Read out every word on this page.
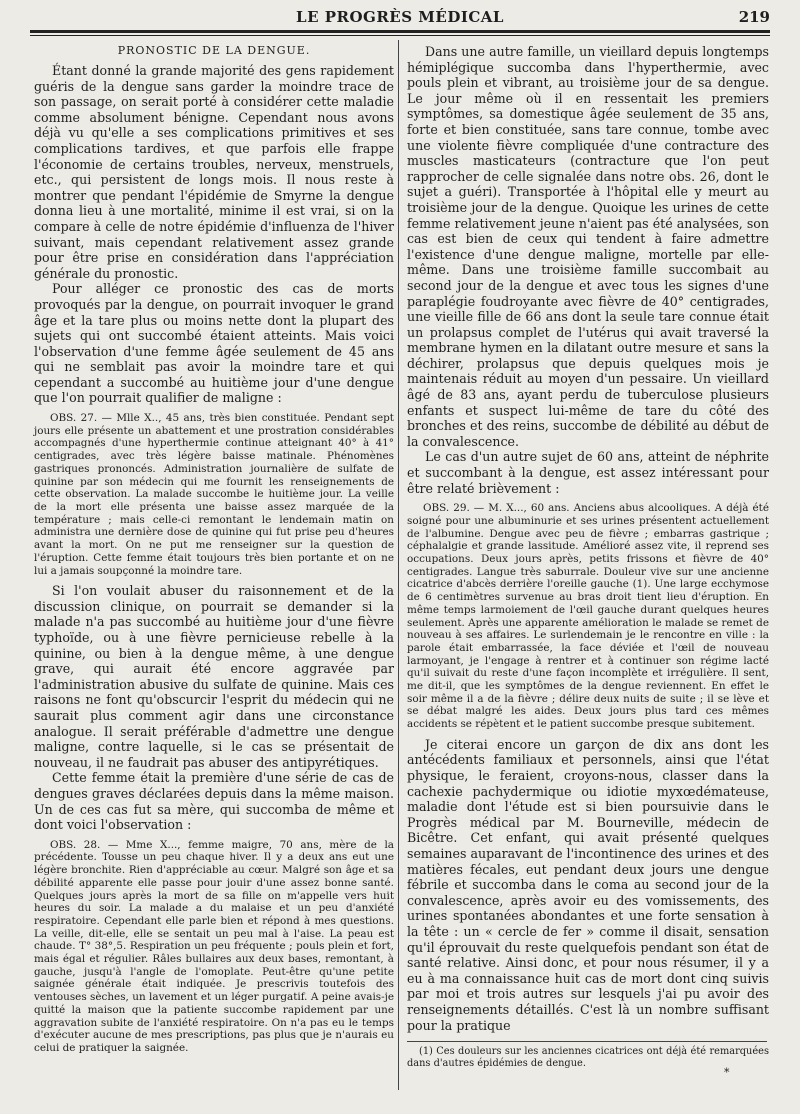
LE PROGRÈS MÉDICAL	219
PRONOSTIC DE LA DENGUE.

Étant donné la grande majorité des gens rapidement guéris de la dengue sans garder la moindre trace de son passage, on serait porté à considérer cette maladie comme absolument bénigne. Cependant nous avons déjà vu qu'elle a ses complications primitives et ses complications tardives, et que parfois elle frappe l'économie de certains troubles, nerveux, menstruels, etc., qui persistent de longs mois. Il nous reste à montrer que pendant l'épidémie de Smyrne la dengue donna lieu à une mortalité, minime il est vrai, si on la compare à celle de notre épidémie d'influenza de l'hiver suivant, mais cependant relativement assez grande pour être prise en considération dans l'appréciation générale du pronostic.

Pour alléger ce pronostic des cas de morts provoqués par la dengue, on pourrait invoquer le grand âge et la tare plus ou moins nette dont la plupart des sujets qui ont succombé étaient atteints. Mais voici l'observation d'une femme âgée seulement de 45 ans qui ne semblait pas avoir la moindre tare et qui cependant a succombé au huitième jour d'une dengue que l'on pourrait qualifier de maligne :

OBS. 27. — Mlle X.., 45 ans, très bien constituée. Pendant sept jours elle présente un abattement et une prostration considérables accompagnés d'une hyperthermie continue atteignant 40° à 41° centigrades, avec très légère baisse matinale. Phénomènes gastriques prononcés. Administration journalière de sulfate de quinine par son médecin qui me fournit les renseignements de cette observation. La malade succombe le huitième jour. La veille de la mort elle présenta une baisse assez marquée de la température ; mais celle-ci remontant le lendemain matin on administra une dernière dose de quinine qui fut prise peu d'heures avant la mort. On ne put me renseigner sur la question de l'éruption. Cette femme était toujours très bien portante et on ne lui a jamais soupçonné la moindre tare.

Si l'on voulait abuser du raisonnement et de la discussion clinique, on pourrait se demander si la malade n'a pas succombé au huitième jour d'une fièvre typhoïde, ou à une fièvre pernicieuse rebelle à la quinine, ou bien à la dengue même, à une dengue grave, qui aurait été encore aggravée par l'administration abusive du sulfate de quinine. Mais ces raisons ne font qu'obscurcir l'esprit du médecin qui ne saurait plus comment agir dans une circonstance analogue. Il serait préférable d'admettre une dengue maligne, contre laquelle, si le cas se présentait de nouveau, il ne faudrait pas abuser des antipyrétiques.

Cette femme était la première d'une série de cas de dengues graves déclarées depuis dans la même maison. Un de ces cas fut sa mère, qui succomba de même et dont voici l'observation :

OBS. 28. — Mme X..., femme maigre, 70 ans, mère de la précédente. Tousse un peu chaque hiver. Il y a deux ans eut une légère bronchite. Rien d'appréciable au cœur. Malgré son âge et sa débilité apparente elle passe pour jouir d'une assez bonne santé. Quelques jours après la mort de sa fille on m'appelle vers huit heures du soir. La malade a du malaise et un peu d'anxiété respiratoire. Cependant elle parle bien et répond à mes questions. La veille, dit-elle, elle se sentait un peu mal à l'aise. La peau est chaude. T° 38°,5. Respiration un peu fréquente ; pouls plein et fort, mais égal et régulier. Râles bullaires aux deux bases, remontant, à gauche, jusqu'à l'angle de l'omoplate. Peut-être qu'une petite saignée générale était indiquée. Je prescrivis toutefois des ventouses sèches, un lavement et un léger purgatif. A peine avais-je quitté la maison que la patiente succombe rapidement par une aggravation subite de l'anxiété respiratoire. On n'a pas eu le temps d'exécuter aucune de mes prescriptions, pas plus que je n'aurais eu celui de pratiquer la saignée.

Dans une autre famille, un vieillard depuis longtemps hémiplégique succomba dans l'hyperthermie, avec pouls plein et vibrant, au troisième jour de sa dengue. Le jour même où il en ressentait les premiers symptômes, sa domestique âgée seulement de 35 ans, forte et bien constituée, sans tare connue, tombe avec une violente fièvre compliquée d'une contracture des muscles masticateurs (contracture que l'on peut rapprocher de celle signalée dans notre obs. 26, dont le sujet a guéri). Transportée à l'hôpital elle y meurt au troisième jour de la dengue. Quoique les urines de cette femme relativement jeune n'aient pas été analysées, son cas est bien de ceux qui tendent à faire admettre l'existence d'une dengue maligne, mortelle par elle-même. Dans une troisième famille succombait au second jour de la dengue et avec tous les signes d'une paraplégie foudroyante avec fièvre de 40° centigrades, une vieille fille de 66 ans dont la seule tare connue était un prolapsus complet de l'utérus qui avait traversé la membrane hymen en la dilatant outre mesure et sans la déchirer, prolapsus que depuis quelques mois je maintenais réduit au moyen d'un pessaire. Un vieillard âgé de 83 ans, ayant perdu de tuberculose plusieurs enfants et suspect lui-même de tare du côté des bronches et des reins, succombe de débilité au début de la convalescence.

Le cas d'un autre sujet de 60 ans, atteint de néphrite et succombant à la dengue, est assez intéressant pour être relaté brièvement :

OBS. 29. — M. X..., 60 ans. Anciens abus alcooliques. A déjà été soigné pour une albuminurie et ses urines présentent actuellement de l'albumine. Dengue avec peu de fièvre ; embarras gastrique ; céphalalgie et grande lassitude. Amélioré assez vite, il reprend ses occupations. Deux jours après, petits frissons et fièvre de 40° centigrades. Langue très saburrale. Douleur vive sur une ancienne cicatrice d'abcès derrière l'oreille gauche (1). Une large ecchymose de 6 centimètres survenue au bras droit tient lieu d'éruption. En même temps larmoiement de l'œil gauche durant quelques heures seulement. Après une apparente amélioration le malade se remet de nouveau à ses affaires. Le surlendemain je le rencontre en ville : la parole était embarrassée, la face déviée et l'œil de nouveau larmoyant, je l'engage à rentrer et à continuer son régime lacté qu'il suivait du reste d'une façon incomplète et irrégulière. Il sent, me dit-il, que les symptômes de la dengue reviennent. En effet le soir même il a de la fièvre ; délire deux nuits de suite ; il se lève et se débat malgré les aides. Deux jours plus tard ces mêmes accidents se répètent et le patient succombe presque subitement.

Je citerai encore un garçon de dix ans dont les antécédents familiaux et personnels, ainsi que l'état physique, le feraient, croyons-nous, classer dans la cachexie pachydermique ou idiotie myxœdémateuse, maladie dont l'étude est si bien poursuivie dans le Progrès médical par M. Bourneville, médecin de Bicêtre. Cet enfant, qui avait présenté quelques semaines auparavant de l'incontinence des urines et des matières fécales, eut pendant deux jours une dengue fébrile et succomba dans le coma au second jour de la convalescence, après avoir eu des vomissements, des urines spontanées abondantes et une forte sensation à la tête : un « cercle de fer » comme il disait, sensation qu'il éprouvait du reste quelquefois pendant son état de santé relative. Ainsi donc, et pour nous résumer, il y a eu à ma connaissance huit cas de mort dont cinq suivis par moi et trois autres sur lesquels j'ai pu avoir des renseignements détaillés. C'est là un nombre suffisant pour la pratique

(1) Ces douleurs sur les anciennes cicatrices ont déjà été remarquées dans d'autres épidémies de dengue.

*
